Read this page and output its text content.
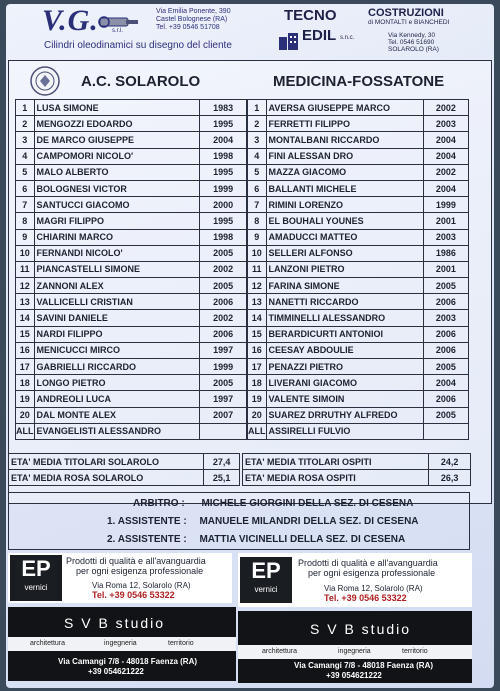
V.G. s.r.l.
Via Emilia Ponente, 390
Castel Bolognese (RA)
Tel. +39 0546 51708
Cilindri oleodinamici su disegno del cliente
TECNO
EDIL s.n.c.
COSTRUZIONI
di MONTALTI e BIANCHEDI
Via Kennedy, 30
Tel. 0546 51690
SOLAROLO (RA)
A.C. SOLAROLO	MEDICINA-FOSSATONE
1	LUSA SIMONE	1983
2	MENGOZZI EDOARDO	1995
3	DE MARCO GIUSEPPE	2004
4	CAMPOMORI NICOLO'	1998
5	MALO ALBERTO	1995
6	BOLOGNESI VICTOR	1999
7	SANTUCCI GIACOMO	2000
8	MAGRI FILIPPO	1995
9	CHIARINI MARCO	1998
10	FERNANDI NICOLO'	2005
11	PIANCASTELLI SIMONE	2002
12	ZANNONI ALEX	2005
13	VALLICELLI CRISTIAN	2006
14	SAVINI DANIELE	2002
15	NARDI FILIPPO	2006
16	MENICUCCI MIRCO	1997
17	GABRIELLI RICCARDO	1999
18	LONGO PIETRO	2005
19	ANDREOLI LUCA	1997
20	DAL MONTE ALEX	2007
ALL	EVANGELISTI ALESSANDRO	
1	AVERSA GIUSEPPE MARCO	2002
2	FERRETTI FILIPPO	2003
3	MONTALBANI RICCARDO	2004
4	FINI ALESSAN DRO	2004
5	MAZZA GIACOMO	2002
6	BALLANTI MICHELE	2004
7	RIMINI LORENZO	1999
8	EL BOUHALI YOUNES	2001
9	AMADUCCI MATTEO	2003
10	SELLERI ALFONSO	1986
11	LANZONI PIETRO	2001
12	FARINA SIMONE	2005
13	NANETTI RICCARDO	2006
14	TIMMINELLI ALESSANDRO	2003
15	BERARDICURTI ANTONIOI	2006
16	CEESAY ABDOULIE	2006
17	PENAZZI PIETRO	2005
18	LIVERANI GIACOMO	2004
19	VALENTE SIMOIN	2006
20	SUAREZ DRRUTHY ALFREDO	2005
ALL	ASSIRELLI FULVIO	
ETA' MEDIA TITOLARI SOLAROLO	27,4
ETA' MEDIA ROSA SOLAROLO	25,1
ETA' MEDIA TITOLARI OSPITI	24,2
ETA' MEDIA ROSA OSPITI	26,3
ARBITRO : MICHELE GIORGINI DELLA SEZ. DI CESENA
1. ASSISTENTE : MANUELE MILANDRI DELLA SEZ. DI CESENA
2. ASSISTENTE : MATTIA VICINELLI DELLA SEZ. DI CESENA
EP
vernici
Prodotti di qualità e all'avanguardia
per ogni esigenza professionale
Via Roma 12, Solarolo (RA)
Tel. +39 0546 53322
EP
vernici
Prodotti di qualità e all'avanguardia
per ogni esigenza professionale
Via Roma 12, Solarolo (RA)
Tel. +39 0546 53322
S V B studio
architettura	ingegneria	territorio
Via Camangi 7/8 - 48018 Faenza (RA)
+39 054621222
S V B studio
architettura	ingegneria	territorio
Via Camangi 7/8 - 48018 Faenza (RA)
+39 054621222
